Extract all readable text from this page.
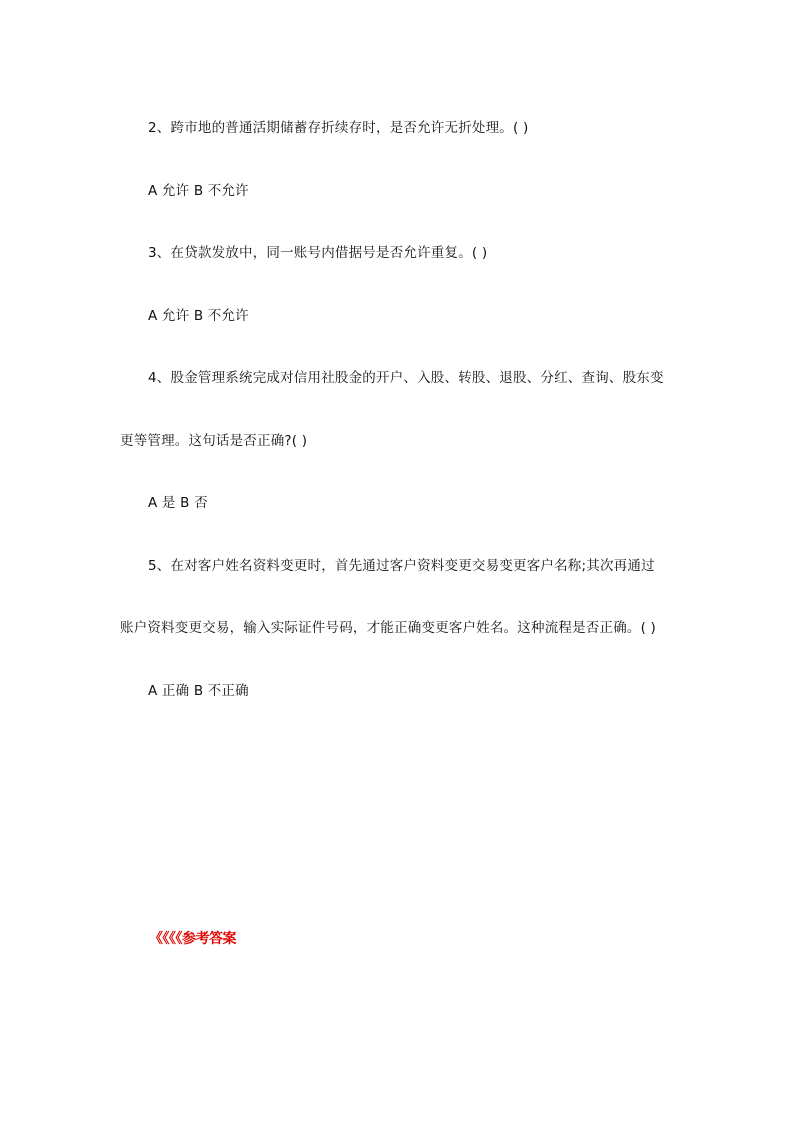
2、跨市地的普通活期储蓄存折续存时，是否允许无折处理。( )
A 允许 B 不允许
3、在贷款发放中，同一账号内借据号是否允许重复。( )
A 允许 B 不允许
4、股金管理系统完成对信用社股金的开户、入股、转股、退股、分红、查询、股东变
更等管理。这句话是否正确?( )
A 是 B 否
5、在对客户姓名资料变更时，首先通过客户资料变更交易变更客户名称;其次再通过
账户资料变更交易，输入实际证件号码，才能正确变更客户姓名。这种流程是否正确。( )
A 正确 B 不正确
《《《《参考答案
